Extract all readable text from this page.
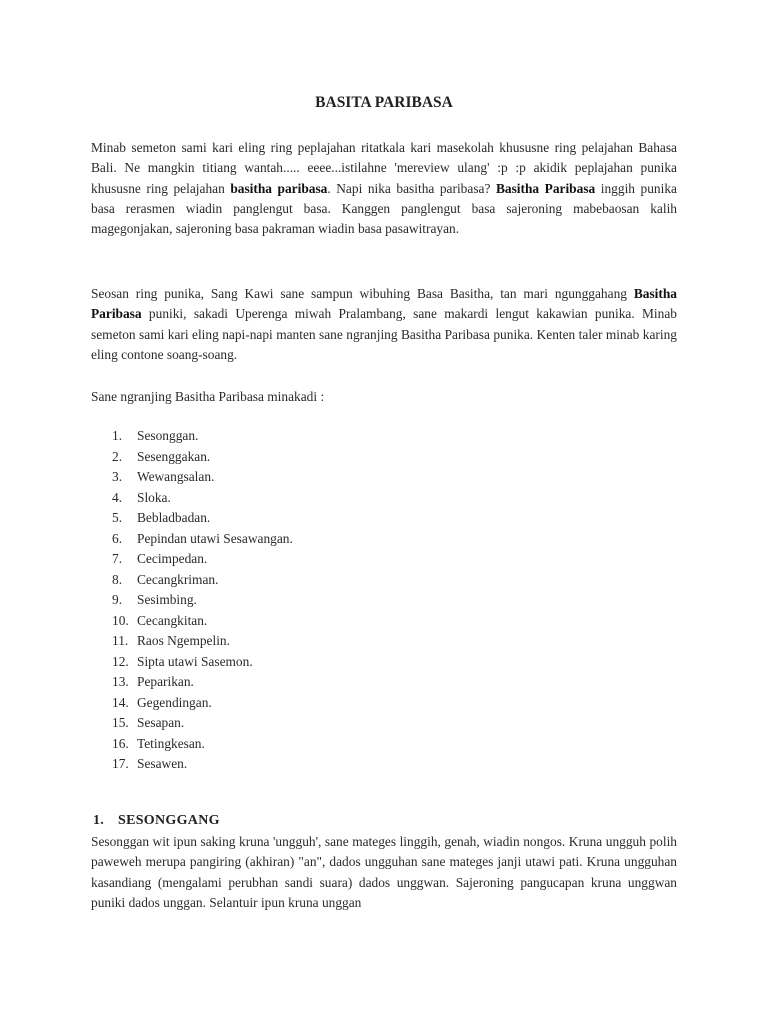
BASITA PARIBASA

Minab semeton sami kari eling ring peplajahan ritatkala kari masekolah khususne ring pelajahan Bahasa Bali. Ne mangkin titiang wantah..... eeee...istilahne 'mereview ulang' :p :p akidik peplajahan punika khususne ring pelajahan basitha paribasa. Napi nika basitha paribasa? Basitha Paribasa inggih punika basa rerasmen wiadin panglengut basa. Kanggen panglengut basa sajeroning mabebaosan kalih magegonjakan, sajeroning basa pakraman wiadin basa pasawitrayan.

Seosan ring punika, Sang Kawi sane sampun wibuhing Basa Basitha, tan mari ngunggahang Basitha Paribasa puniki, sakadi Uperenga miwah Pralambang, sane makardi lengut kakawian punika. Minab semeton sami kari eling napi-napi manten sane ngranjing Basitha Paribasa punika. Kenten taler minab karing eling contone soang-soang.

Sane ngranjing Basitha Paribasa minakadi :

1.	Sesonggan.
2.	Sesenggakan.
3.	Wewangsalan.
4.	Sloka.
5.	Bebladbadan.
6.	Pepindan utawi Sesawangan.
7.	Cecimpedan.
8.	Cecangkriman.
9.	Sesimbing.
10. Cecangkitan.
11. Raos Ngempelin.
12. Sipta utawi Sasemon.
13. Peparikan.
14. Gegendingan.
15. Sesapan.
16. Tetingkesan.
17. Sesawen.
1. SESONGGANG

Sesonggan wit ipun saking kruna 'ungguh', sane mateges linggih, genah, wiadin nongos. Kruna ungguh polih paweweh merupa pangiring (akhiran) "an", dados ungguhan sane mateges janji utawi pati. Kruna ungguhan kasandiang (mengalami perubhan sandi suara) dados unggwan. Sajeroning pangucapan kruna unggwan puniki dados unggan. Selantuir ipun kruna unggan
